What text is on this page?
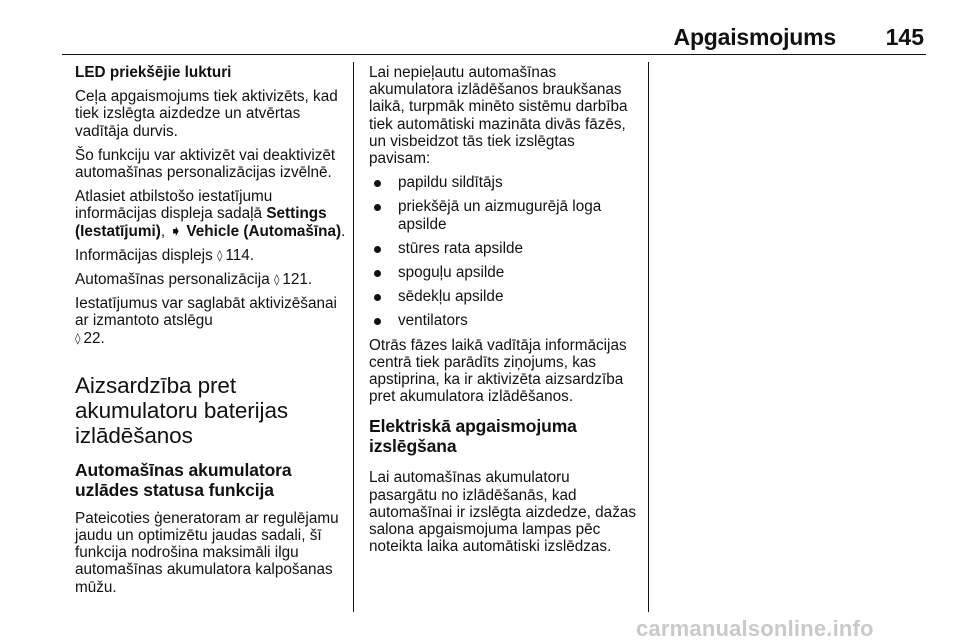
Apgaismojums 145

LED priekšējie lukturi

Ceļa apgaismojums tiek aktivizēts, kad tiek izslēgta aizdedze un atvērtas vadītāja durvis.

Šo funkciju var aktivizēt vai deaktivizēt automašīnas personalizācijas izvēlnē.

Atlasiet atbilstošo iestatījumu informācijas displeja sadaļā Settings (Iestatījumi), ➧ Vehicle (Automašīna).

Informācijas displejs ◊ 114.

Automašīnas personalizācija ◊ 121.

Iestatījumus var saglabāt aktivizēšanai ar izmantoto atslēgu
◊ 22.

Aizsardzība pret akumulatoru baterijas izlādēšanos
Automašīnas akumulatora uzlādes statusa funkcija

Pateicoties ģeneratoram ar regulējamu jaudu un optimizētu jaudas sadali, šī funkcija nodrošina maksimāli ilgu automašīnas akumulatora kalpošanas mūžu.

Lai nepieļautu automašīnas akumulatora izlādēšanos braukšanas laikā, turpmāk minēto sistēmu darbība tiek automātiski mazināta divās fāzēs, un visbeidzot tās tiek izslēgtas pavisam:

papildu sildītājs
priekšējā un aizmugurējā loga apsilde
stūres rata apsilde
spoguļu apsilde
sēdekļu apsilde
ventilators

Otrās fāzes laikā vadītāja informācijas centrā tiek parādīts ziņojums, kas apstiprina, ka ir aktivizēta aizsardzība pret akumulatora izlādēšanos.

Elektriskā apgaismojuma izslēgšana

Lai automašīnas akumulatoru pasargātu no izlādēšanās, kad automašīnai ir izslēgta aizdedze, dažas salona apgaismojuma lampas pēc noteikta laika automātiski izslēdzas.

carmanualsonline.info
